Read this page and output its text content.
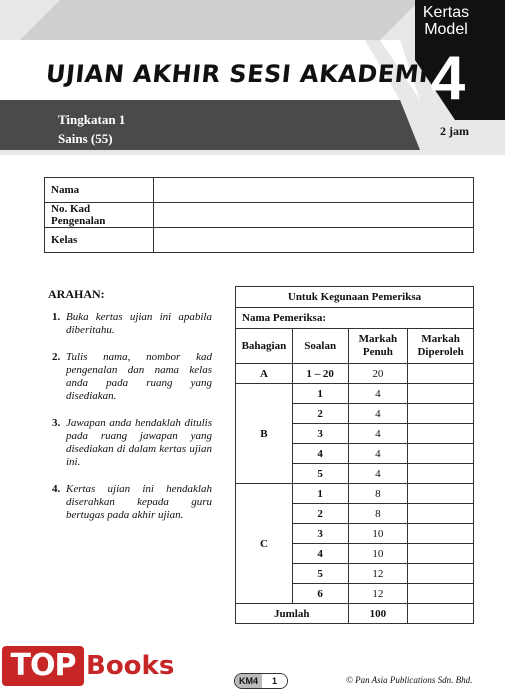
UJIAN AKHIR SESI AKADEMIK
Tingkatan 1
Sains (55)
Kertas
Model
4
2 jam
Nama	
No. Kad Pengenalan	
Kelas	
ARAHAN:
1. Buka kertas ujian ini apabila diberitahu.
2. Tulis nama, nombor kad pengenalan dan nama kelas anda pada ruang yang disediakan.
3. Jawapan anda hendaklah ditulis pada ruang jawapan yang disediakan di dalam kertas ujian ini.
4. Kertas ujian ini hendaklah diserahkan kepada guru bertugas pada akhir ujian.
Untuk Kegunaan Pemeriksa			
Nama Pemeriksa:			
Bahagian	Soalan	Markah Penuh	Markah Diperoleh
A	1 – 20	20	
B	1	4	
	2	4	
	3	4	
	4	4	
	5	4	
C	1	8	
	2	8	
	3	10	
	4	10	
	5	12	
	6	12	
Jumlah		100	
TOP Books	KM4	1	© Pan Asia Publications Sdn. Bhd.
